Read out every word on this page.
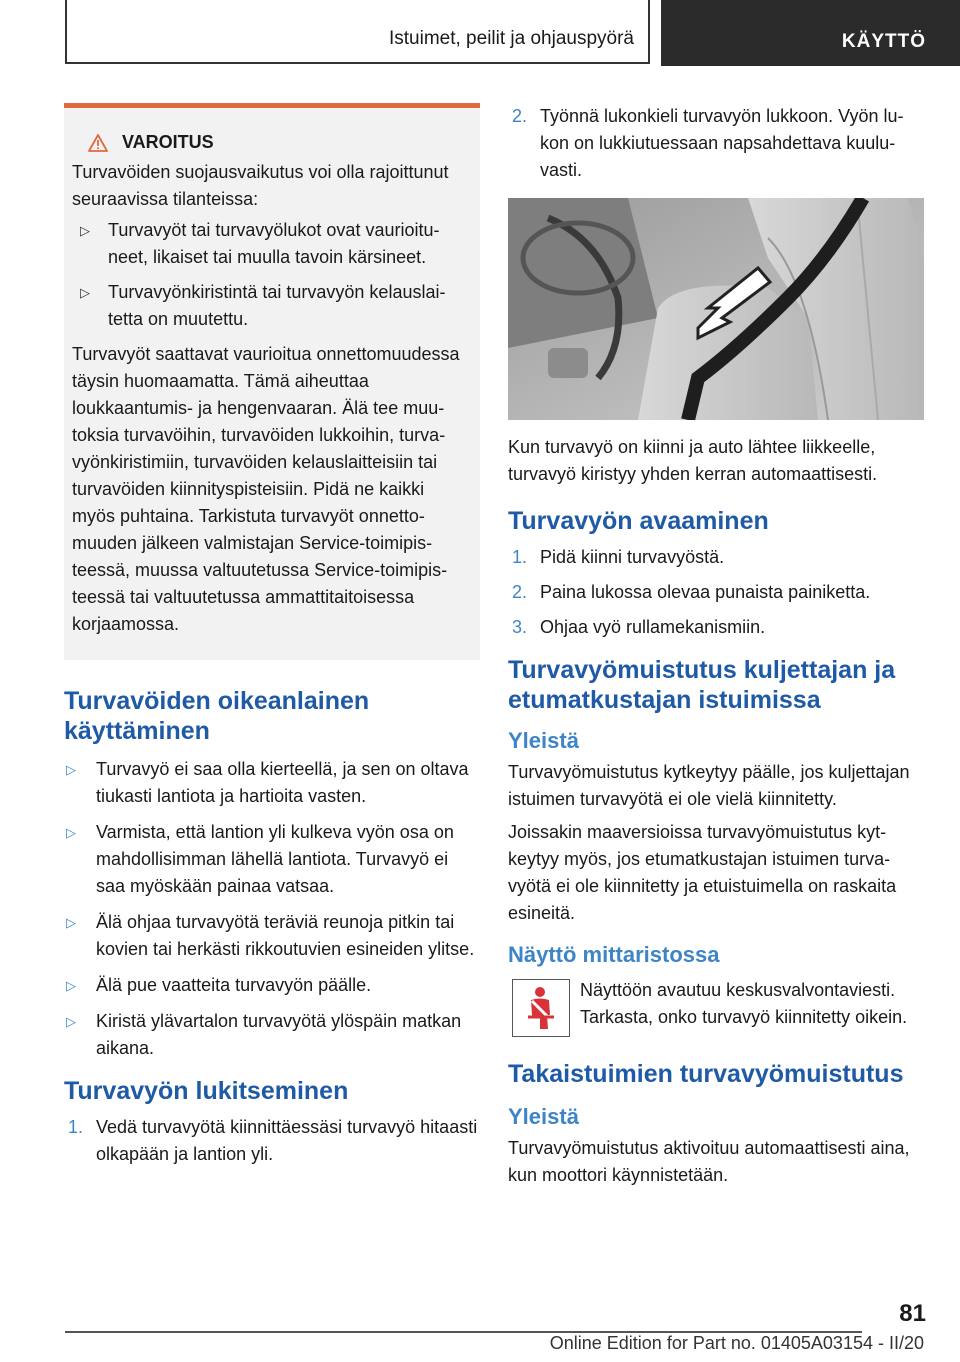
Istuimet, peilit ja ohjauspyörä	KÄYTTÖ
VAROITUS
Turvavöiden suojausvaikutus voi olla rajoittunut seuraavissa tilanteissa:
▷ Turvavyöt tai turvavyölukot ovat vaurioituneet, likaiset tai muulla tavoin kärsineet.
▷ Turvavyönkiristintä tai turvavyön kelauslaitetta on muutettu.
Turvavyöt saattavat vaurioitua onnettomuudessa täysin huomaamatta. Tämä aiheuttaa loukkaantumis- ja hengenvaaran. Älä tee muutoksia turvavöihin, turvavöiden lukkoihin, turvavyönkiristimiin, turvavöiden kelauslaitteisiin tai turvavöiden kiinnityspisteisiin. Pidä ne kaikki myös puhtaina. Tarkistuta turvavyöt onnettomuuden jälkeen valmistajan Service-toimipisteessä, muussa valtuutetussa Service-toimipisteessä tai valtuutetussa ammattitaitoisessa korjaamossa.
Turvavöiden oikeanlainen käyttäminen
▷ Turvavyö ei saa olla kierteellä, ja sen on oltava tiukasti lantiota ja hartioita vasten.
▷ Varmista, että lantion yli kulkeva vyön osa on mahdollisimman lähellä lantiota. Turvavyö ei saa myöskään painaa vatsaa.
▷ Älä ohjaa turvavyötä teräviä reunoja pitkin tai kovien tai herkästi rikkoutuvien esineiden ylitse.
▷ Älä pue vaatteita turvavyön päälle.
▷ Kiristä ylävartalon turvavyötä ylöspäin matkan aikana.
Turvavyön lukitseminen
1. Vedä turvavyötä kiinnittäessäsi turvavyö hitaasti olkapään ja lantion yli.
2. Työnnä lukonkieli turvavyön lukkoon. Vyön lukon on lukkiutuessaan napsahdettava kuuluvasti.
Kun turvavyö on kiinni ja auto lähtee liikkeelle, turvavyö kiristyy yhden kerran automaattisesti.
Turvavyön avaaminen
1. Pidä kiinni turvavyöstä.
2. Paina lukossa olevaa punaista painiketta.
3. Ohjaa vyö rullamekanismiin.
Turvavyömuistutus kuljettajan ja etumatkustajan istuimissa
Yleistä
Turvavyömuistutus kytkeytyy päälle, jos kuljettajan istuimen turvavyötä ei ole vielä kiinnitetty.
Joissakin maaversioissa turvavyömuistutus kytkeytyy myös, jos etumatkustajan istuimen turvavyötä ei ole kiinnitetty ja etuistuimella on raskaita esineitä.
Näyttö mittaristossa
Näyttöön avautuu keskusvalvontaviesti. Tarkasta, onko turvavyö kiinnitetty oikein.
Takaistuimien turvavyömuistutus
Yleistä
Turvavyömuistutus aktivoituu automaattisesti aina, kun moottori käynnistetään.
81
Online Edition for Part no. 01405A03154 - II/20
